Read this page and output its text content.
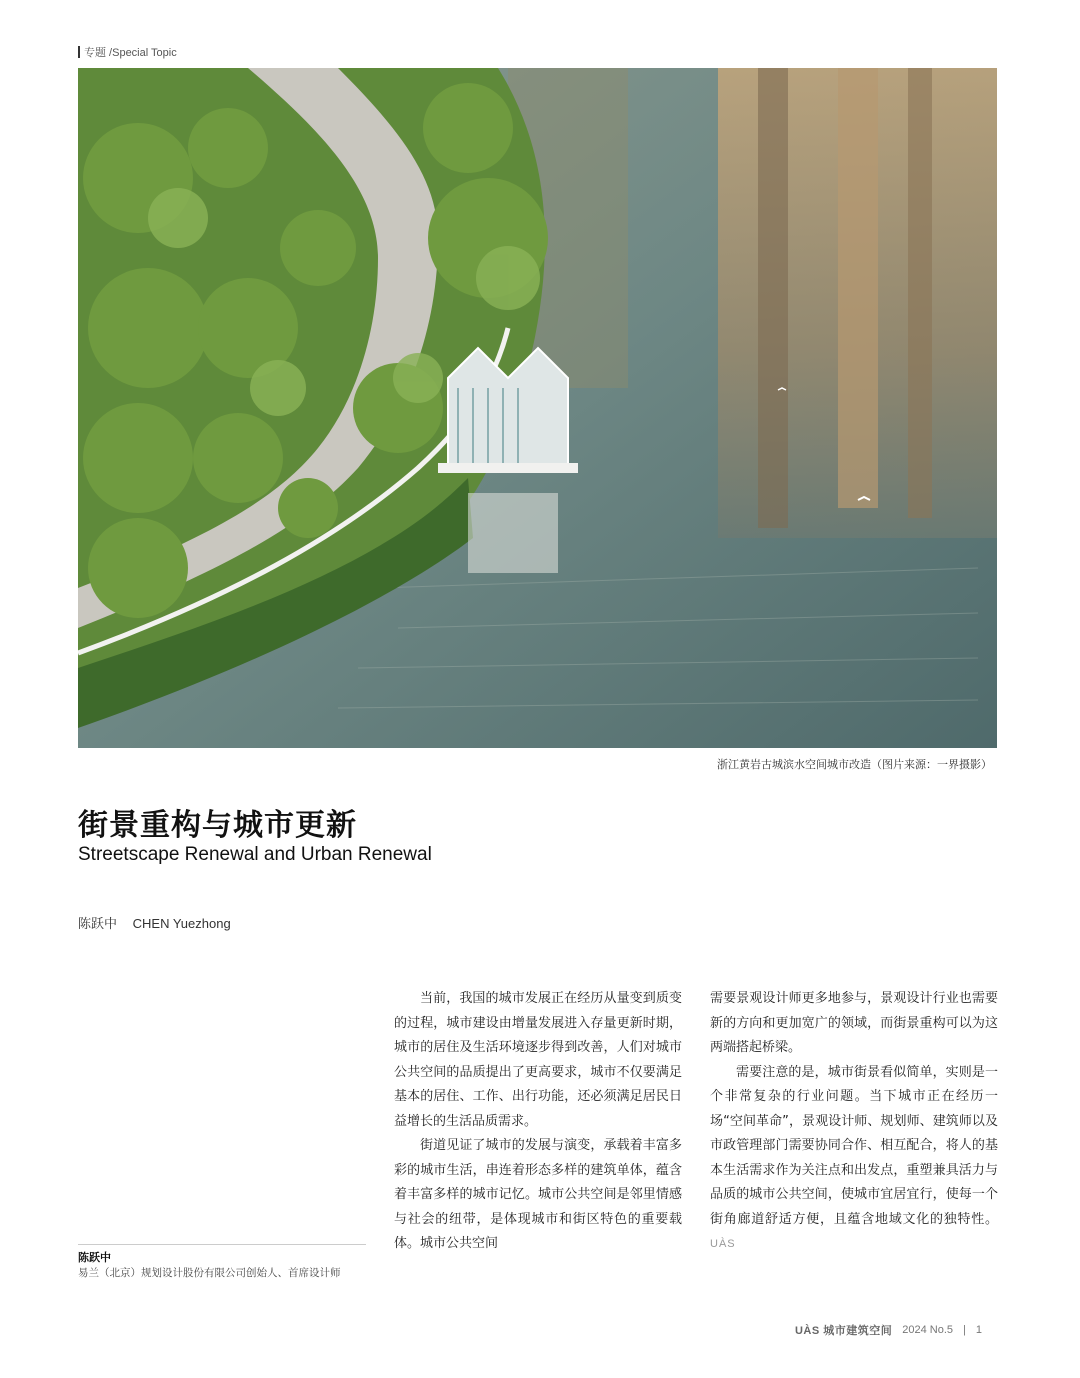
专题 /Special Topic
浙江黄岩古城滨水空间城市改造（图片来源：一界摄影）
街景重构与城市更新
Streetscape Renewal and Urban Renewal
陈跃中 CHEN Yuezhong

当前，我国的城市发展正在经历从量变到质变的过程，城市建设由增量发展进入存量更新时期，城市的居住及生活环境逐步得到改善，人们对城市公共空间的品质提出了更高要求，城市不仅要满足基本的居住、工作、出行功能，还必须满足居民日益增长的生活品质需求。

街道见证了城市的发展与演变，承载着丰富多彩的城市生活，串连着形态多样的建筑单体，蕴含着丰富多样的城市记忆。城市公共空间是邻里情感与社会的纽带，是体现城市和街区特色的重要载体。城市公共空间

需要景观设计师更多地参与，景观设计行业也需要新的方向和更加宽广的领域，而街景重构可以为这两端搭起桥梁。

需要注意的是，城市街景看似简单，实则是一个非常复杂的行业问题。当下城市正在经历一场“空间革命”，景观设计师、规划师、建筑师以及市政管理部门需要协同合作、相互配合，将人的基本生活需求作为关注点和出发点，重塑兼具活力与品质的城市公共空间，使城市宜居宜行，使每一个街角廊道舒适方便，且蕴含地域文化的独特性。UÀS

陈跃中
易兰（北京）规划设计股份有限公司创始人、首席设计师
UÀS 城市建筑空间 2024 No.5 | 1
